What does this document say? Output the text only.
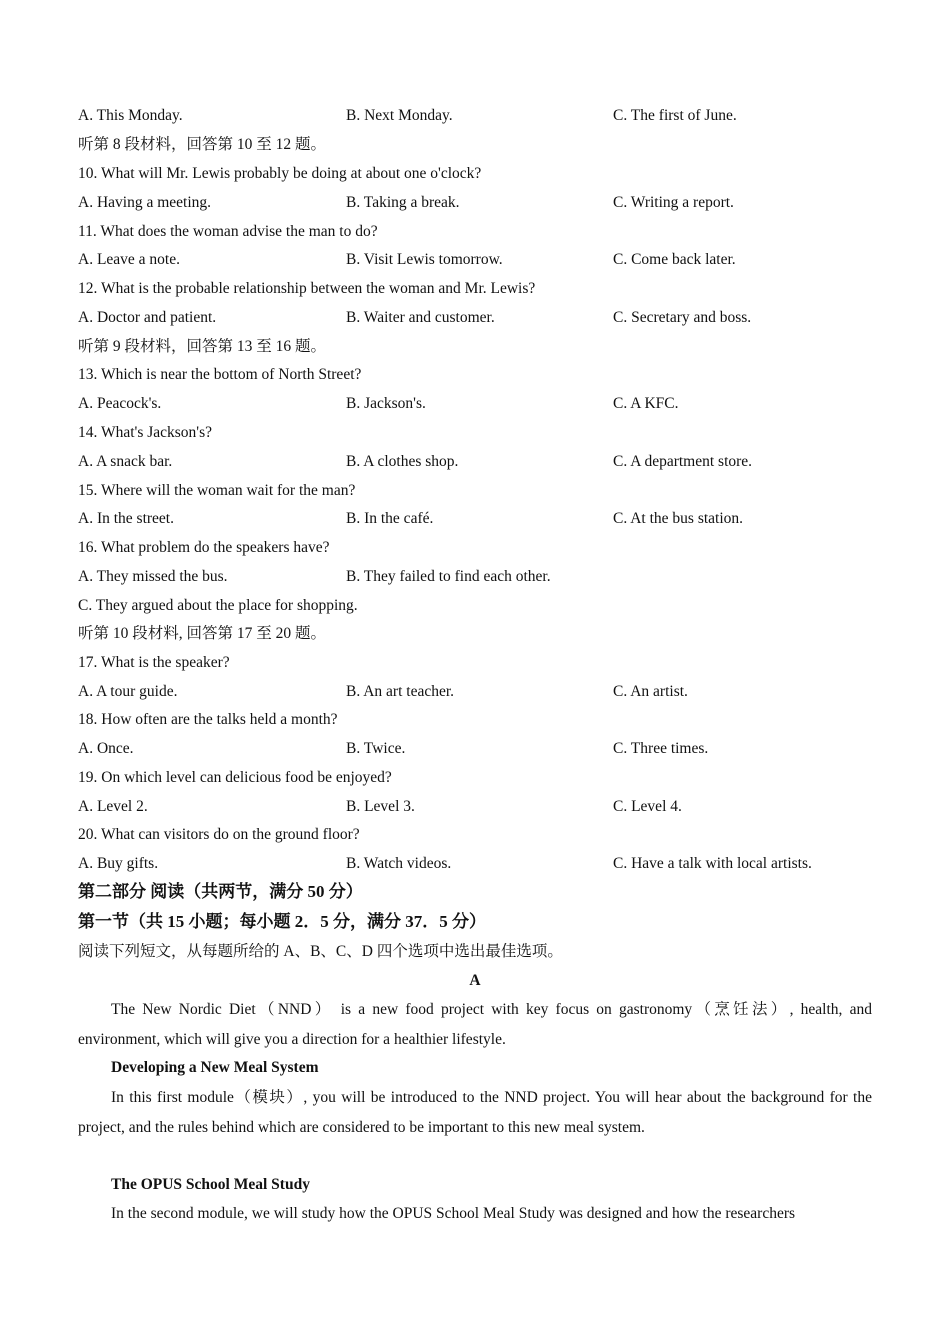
A. This Monday.	B. Next Monday.	C. The first of June.
听第 8 段材料，回答第 10 至 12 题。
10. What will Mr. Lewis probably be doing at about one o'clock?
A. Having a meeting.	B. Taking a break.	C. Writing a report.
11. What does the woman advise the man to do?
A. Leave a note.	B. Visit Lewis tomorrow.	C. Come back later.
12. What is the probable relationship between the woman and Mr. Lewis?
A. Doctor and patient.	B. Waiter and customer.	C. Secretary and boss.
听第 9 段材料，回答第 13 至 16 题。
13. Which is near the bottom of North Street?
A. Peacock's.	B. Jackson's.	C. A KFC.
14. What's Jackson's?
A. A snack bar.	B. A clothes shop.	C. A department store.
15. Where will the woman wait for the man?
A. In the street.	B. In the café.	C. At the bus station.
16. What problem do the speakers have?
A. They missed the bus.	B. They failed to find each other.
C. They argued about the place for shopping.
听第 10 段材料, 回答第 17 至 20 题。
17. What is the speaker?
A. A tour guide.	B. An art teacher.	C. An artist.
18. How often are the talks held a month?
A. Once.	B. Twice.	C. Three times.
19. On which level can delicious food be enjoyed?
A. Level 2.	B. Level 3.	C. Level 4.
20. What can visitors do on the ground floor?
A. Buy gifts.	B. Watch videos.	C. Have a talk with local artists.
第二部分 阅读（共两节，满分 50 分）
第一节（共 15 小题；每小题 2．5 分，满分 37．5 分）
阅读下列短文，从每题所给的 A、B、C、D 四个选项中选出最佳选项。
A
The New Nordic Diet（NND） is a new food project with key focus on gastronomy（烹饪法）, health, and environment, which will give you a direction for a healthier lifestyle.
Developing a New Meal System
In this first module（模块）, you will be introduced to the NND project. You will hear about the background for the project, and the rules behind which are considered to be important to this new meal system.
The OPUS School Meal Study
In the second module, we will study how the OPUS School Meal Study was designed and how the researchers
